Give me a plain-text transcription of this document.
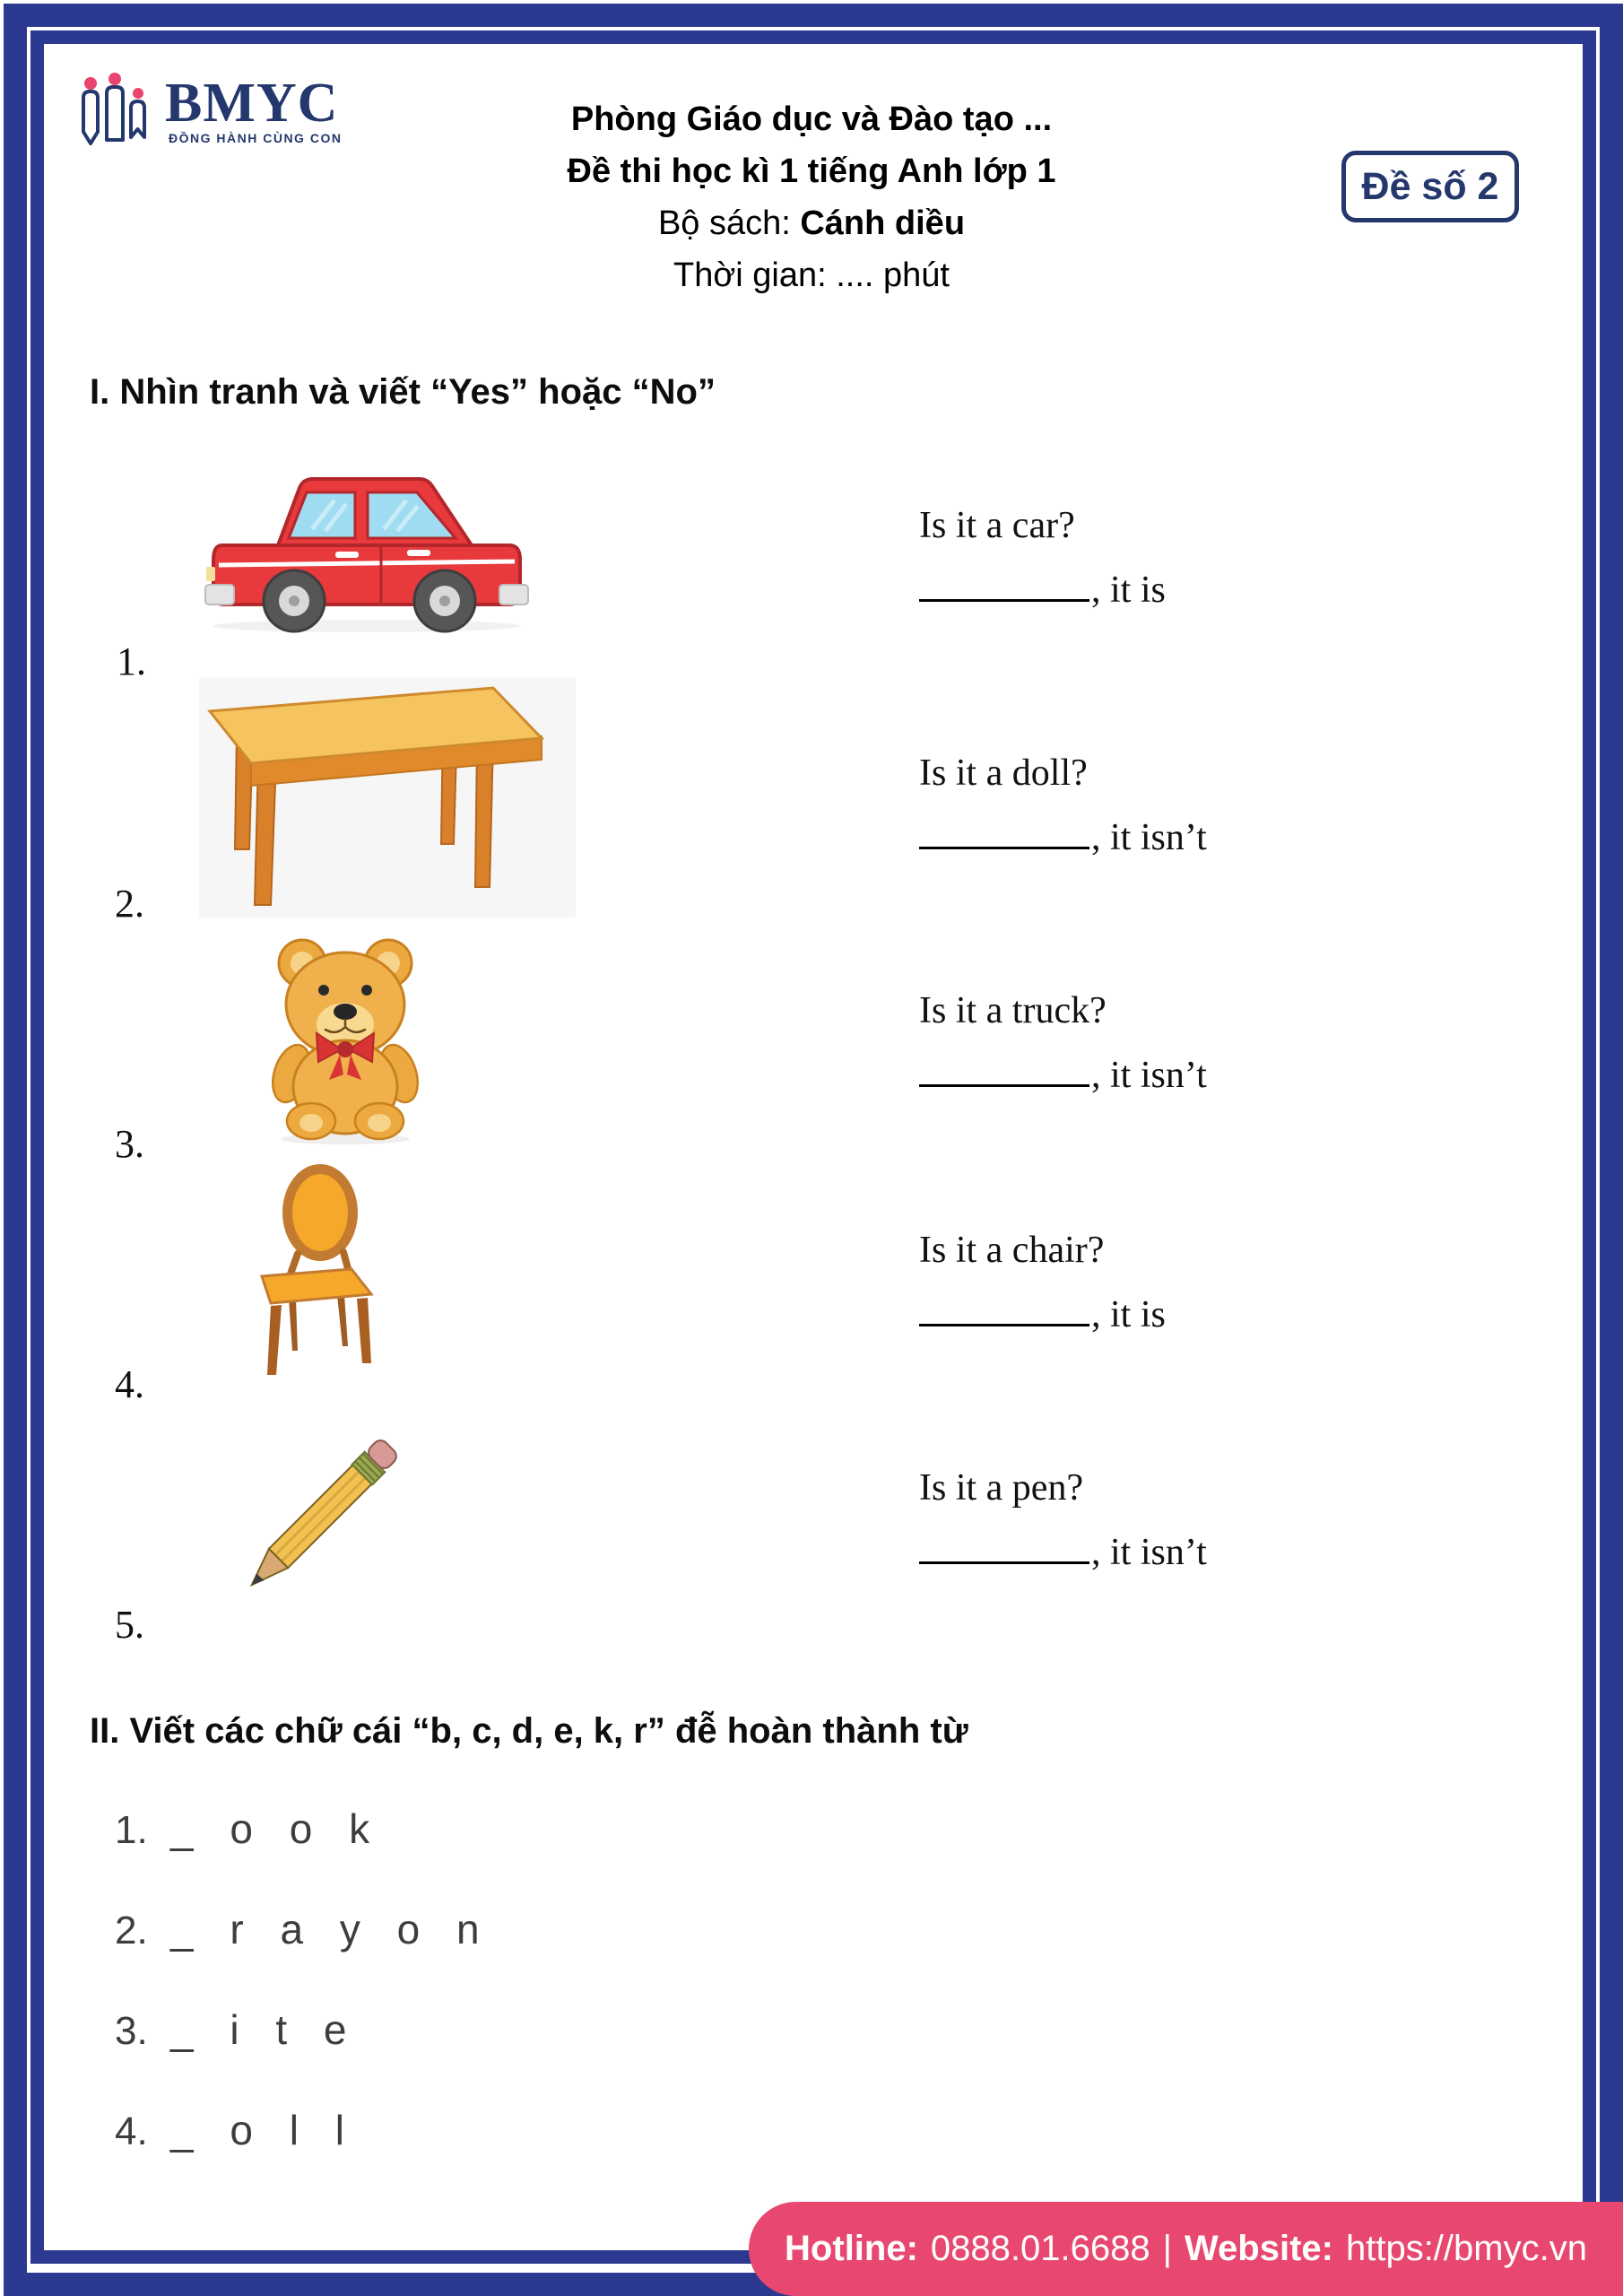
BMYC
ĐỒNG HÀNH CÙNG CON	Phòng Giáo dục và Đào tạo ...
Đề thi học kì 1 tiếng Anh lớp 1
Bộ sách: Cánh diều
Thời gian: .... phút
Đề số 2
I. Nhìn tranh và viết “Yes” hoặc “No”
1.
Is it a car?
, it is
2.
Is it a doll?
, it isn’t
3.
Is it a truck?
, it isn’t
4.
Is it a chair?
, it is
5.
Is it a pen?
, it isn’t
II. Viết các chữ cái “b, c, d, e, k, r” đễ hoàn thành từ
1. _ o o k
2. _ r a y o n
3. _ i t e
4. _ o l l
Hotline: 0888.01.6688 | Website: https://bmyc.vn
